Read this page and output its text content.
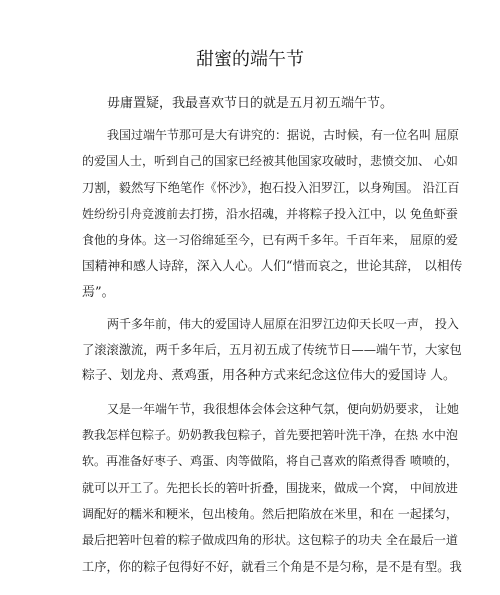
甜蜜的端午节
毋庸置疑，我最喜欢节日的就是五月初五端午节。
我国过端午节那可是大有讲究的：据说，古时候，有一位名叫 屈原
的爱国人士，听到自己的国家已经被其他国家攻破时，悲愤交加、 心如
刀割，毅然写下绝笔作《怀沙》，抱石投入汨罗江，以身殉国。 沿江百
姓纷纷引舟竞渡前去打捞，沿水招魂，并将粽子投入江中，以 免鱼虾蚕
食他的身体。这一习俗绵延至今，已有两千多年。千百年来， 屈原的爱
国精神和感人诗辞，深入人心。人们“惜而哀之，世论其辞， 以相传
焉”。
两千多年前，伟大的爱国诗人屈原在汨罗江边仰天长叹一声， 投入
了滚滚激流，两千多年后，五月初五成了传统节日——端午节，大家包
粽子、划龙舟、煮鸡蛋，用各种方式来纪念这位伟大的爱国诗 人。
又是一年端午节，我很想体会体会这种气氛，便向奶奶要求， 让她
教我怎样包粽子。奶奶教我包粽子，首先要把箬叶洗干净，在热 水中泡
软。再准备好枣子、鸡蛋、肉等做陷，将自己喜欢的陷煮得香 喷喷的，
就可以开工了。先把长长的箬叶折叠，围拢来，做成一个窝， 中间放进
调配好的糯米和粳米，包出棱角。然后把陷放在米里，和在 一起揉匀，
最后把箬叶包着的粽子做成四角的形状。这包粽子的功夫 全在最后一道
工序，你的粽子包得好不好，就看三个角是不是匀称，是不是有型。我
